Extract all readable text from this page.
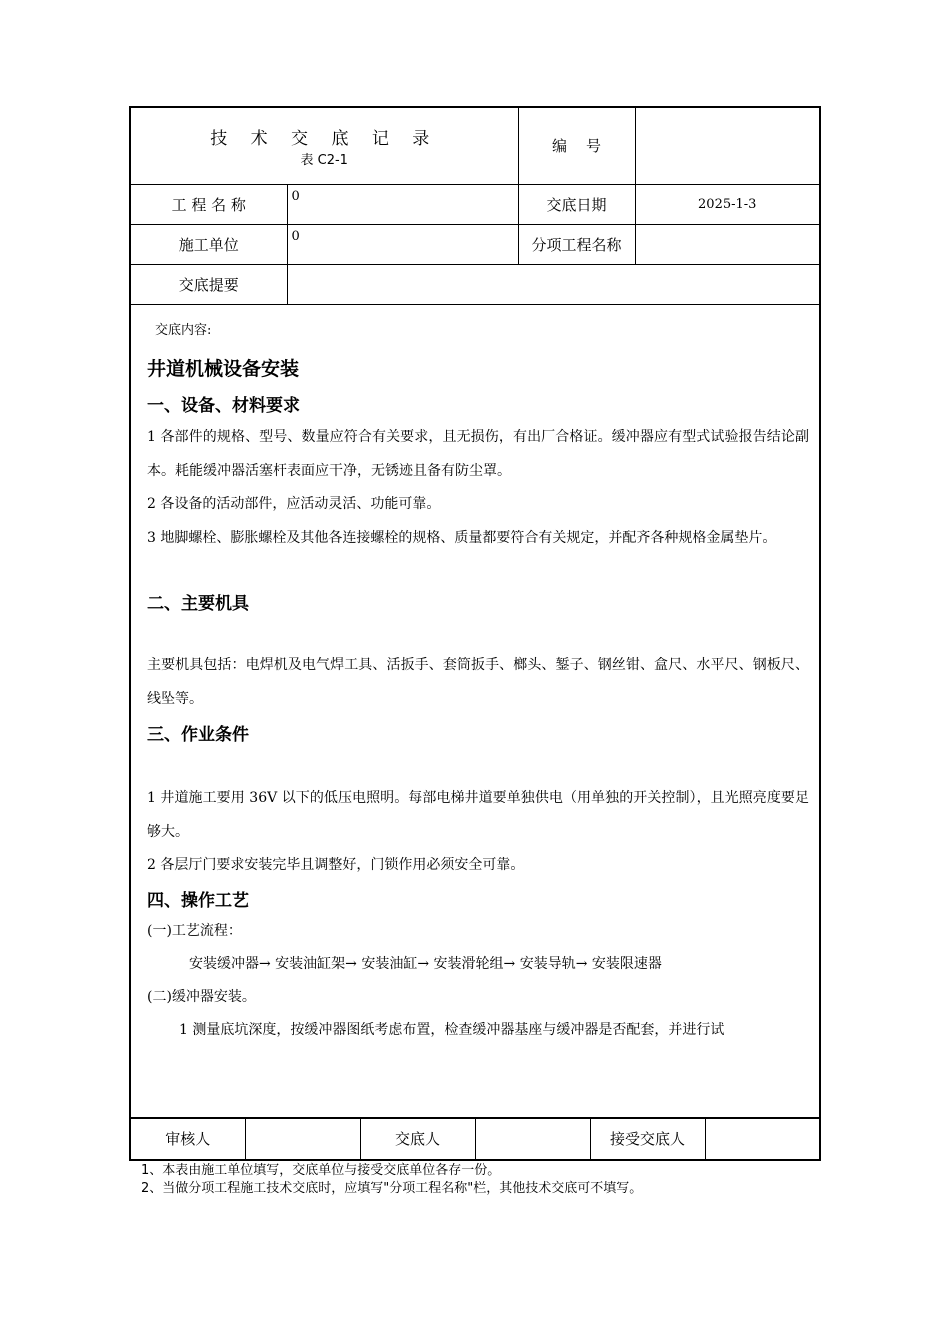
技 术 交 底 记 录
表 C2-1		编    号	
工 程 名 称	0	交底日期	2025-1-3
施工单位	0	分项工程名称	
交底提要			
交底内容:
井道机械设备安装
一、设备、材料要求
1 各部件的规格、型号、数量应符合有关要求，且无损伤，有出厂合格证。缓冲器应有型式试验报告结论副本。耗能缓冲器活塞杆表面应干净，无锈迹且备有防尘罩。
2 各设备的活动部件，应活动灵活、功能可靠。
3 地脚螺栓、膨胀螺栓及其他各连接螺栓的规格、质量都要符合有关规定，并配齐各种规格金属垫片。
二、主要机具
主要机具包括：电焊机及电气焊工具、活扳手、套筒扳手、榔头、錾子、钢丝钳、盒尺、水平尺、钢板尺、线坠等。
三、作业条件
1 井道施工要用 36V 以下的低压电照明。每部电梯井道要单独供电（用单独的开关控制），且光照亮度要足够大。
2 各层厅门要求安装完毕且调整好，门锁作用必须安全可靠。
四、操作工艺
(一)工艺流程：
安装缓冲器→ 安装油缸架→ 安装油缸→ 安装滑轮组→ 安装导轨→ 安装限速器
(二)缓冲器安装。
1 测量底坑深度，按缓冲器图纸考虑布置，检查缓冲器基座与缓冲器是否配套，并进行试
审核人		交底人		接受交底人	
1、本表由施工单位填写，交底单位与接受交底单位各存一份。
2、当做分项工程施工技术交底时，应填写"分项工程名称"栏，其他技术交底可不填写。
